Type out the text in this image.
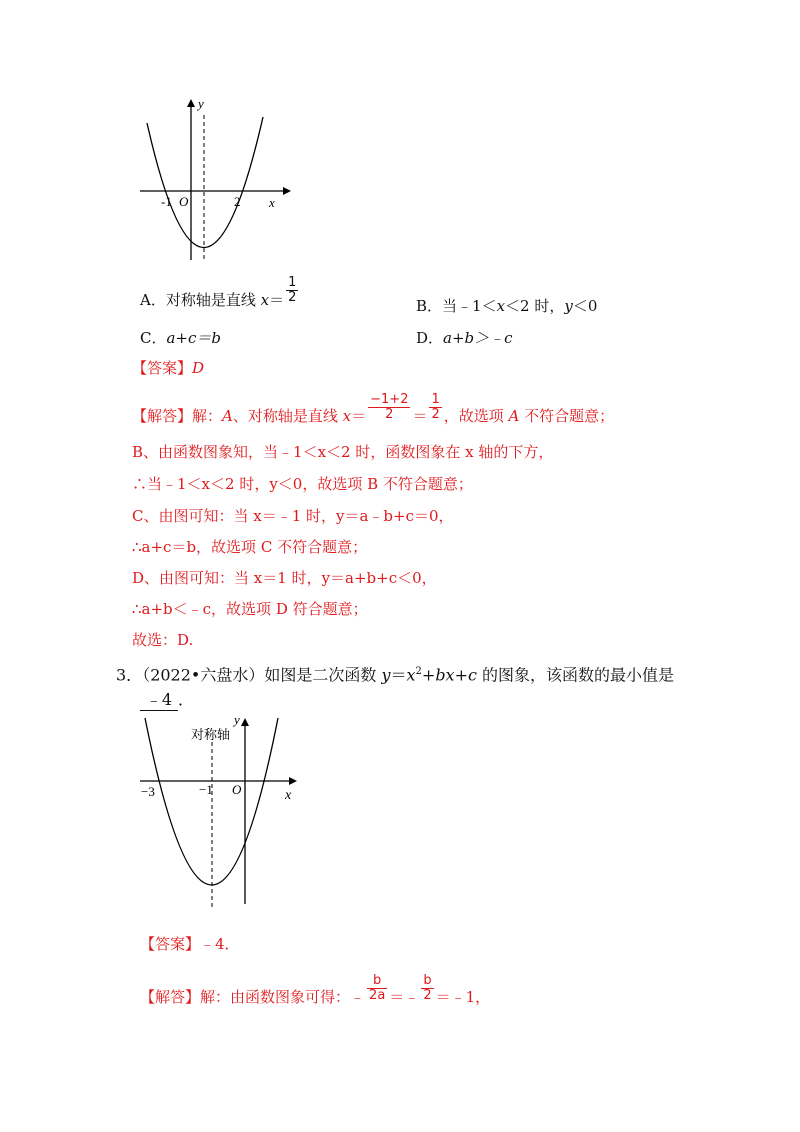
y
x
O
-1	2
A．对称轴是直线 $x= \frac{1}{2}$
B．当﹣1＜x＜2 时，y＜0
C．a+c＝b	D．a+b＞﹣c
【答案】D
【解答】解：A、对称轴是直线 $x= \frac{-1+2}{2} = \frac{1}{2}$ ，故选项 A 不符合题意；
B、由函数图象知，当﹣1＜x＜2 时，函数图象在 x 轴的下方，
∴当﹣1＜x＜2 时，y＜0，故选项 B 不符合题意；
C、由图可知：当 x＝﹣1 时，y＝a﹣b+c＝0，
∴a+c＝b，故选项 C 不符合题意；
D、由图可知：当 x＝1 时，y＝a+b+c＜0，
∴a+b＜﹣c，故选项 D 符合题意；
故选：D.
3．（2022•六盘水）如图是二次函数 $y=x^2+bx+c$ 的图象，该函数的最小值是
﹣4 ．
对称轴
y
x
O
−3	−1
【答案】﹣4．
【解答】解：由函数图象可得：﹣ $\frac{b}{2a}$ ＝﹣ $\frac{b}{2}$ ＝﹣1，
